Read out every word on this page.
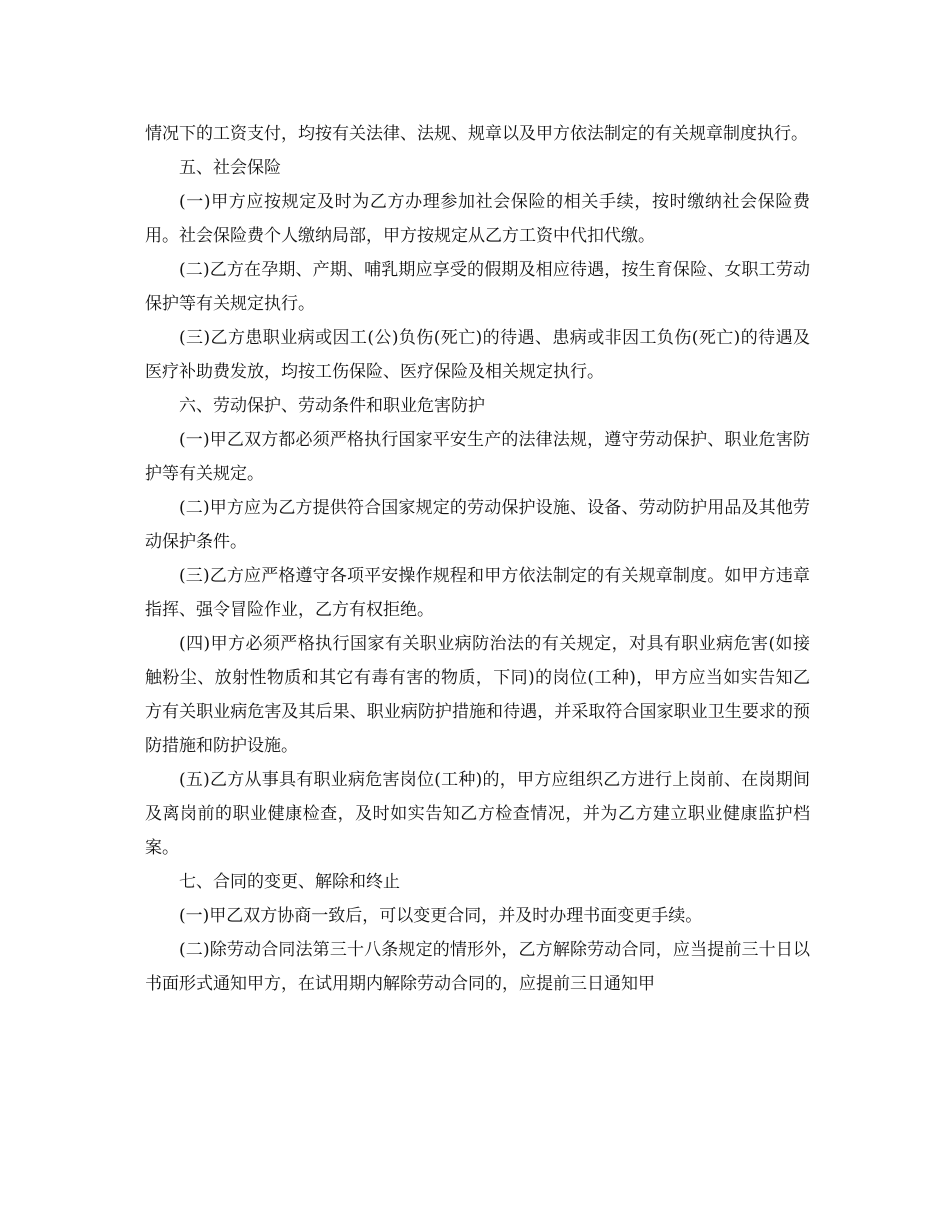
情况下的工资支付，均按有关法律、法规、规章以及甲方依法制定的有关规章制度执行。

五、社会保险

(一)甲方应按规定及时为乙方办理参加社会保险的相关手续，按时缴纳社会保险费用。社会保险费个人缴纳局部，甲方按规定从乙方工资中代扣代缴。

(二)乙方在孕期、产期、哺乳期应享受的假期及相应待遇，按生育保险、女职工劳动保护等有关规定执行。

(三)乙方患职业病或因工(公)负伤(死亡)的待遇、患病或非因工负伤(死亡)的待遇及医疗补助费发放，均按工伤保险、医疗保险及相关规定执行。

六、劳动保护、劳动条件和职业危害防护

(一)甲乙双方都必须严格执行国家平安生产的法律法规，遵守劳动保护、职业危害防护等有关规定。

(二)甲方应为乙方提供符合国家规定的劳动保护设施、设备、劳动防护用品及其他劳动保护条件。

(三)乙方应严格遵守各项平安操作规程和甲方依法制定的有关规章制度。如甲方违章指挥、强令冒险作业，乙方有权拒绝。

(四)甲方必须严格执行国家有关职业病防治法的有关规定，对具有职业病危害(如接触粉尘、放射性物质和其它有毒有害的物质，下同)的岗位(工种)，甲方应当如实告知乙方有关职业病危害及其后果、职业病防护措施和待遇，并采取符合国家职业卫生要求的预防措施和防护设施。

(五)乙方从事具有职业病危害岗位(工种)的，甲方应组织乙方进行上岗前、在岗期间及离岗前的职业健康检查，及时如实告知乙方检查情况，并为乙方建立职业健康监护档案。

七、合同的变更、解除和终止

(一)甲乙双方协商一致后，可以变更合同，并及时办理书面变更手续。

(二)除劳动合同法第三十八条规定的情形外，乙方解除劳动合同，应当提前三十日以书面形式通知甲方，在试用期内解除劳动合同的，应提前三日通知甲
